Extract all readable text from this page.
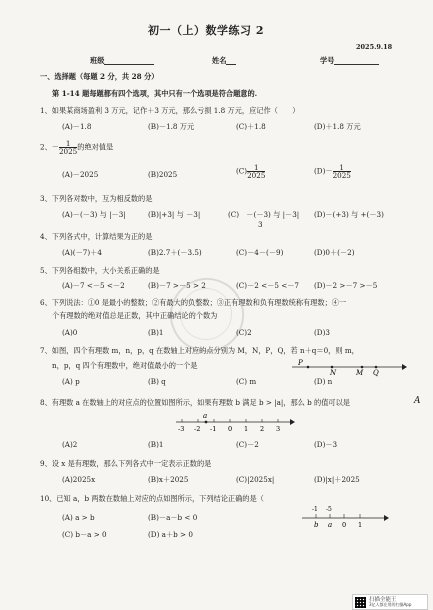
初一（上）数学练习 2
2025.9.18
班级	姓名	学号
一、选择题（每题 2 分，共 28 分）
第 1-14 题每题都有四个选项，其中只有一个选项是符合题意的.
1、如果某商场盈利 3 万元，记作＋3 万元，那么亏损 1.8 万元，应记作（　　）
(A)－1.8	(B)－1.8 万元	(C)＋1.8	(D)＋1.8 万元
2、－ $\frac{1}{2025}$ 的绝对值是
(A)－2025	(B)2025	$(C) \frac{1}{2025}$	$(D)- \frac{1}{2025}$
3、下列各对数中，互为相反数的是
(A)－(－3) 与 |－3|	(B)|+3| 与 －3|	(C)　－(－3) 与 |－3| (D)－(+3) 与 +(－3)
3
4、下列各式中，计算结果为正的是
(A)(－7)＋4	(B)2.7＋(－3.5)	(C)－4－(－9)	(D)0＋(－2)
5、下列各组数中，大小关系正确的是
(A)－7 <－5 <－2	(B)－7 >－5 > 2	(C)－2 <－5 <－7 (D)－2 >－7 >－5
6、下列说法：①0 是最小的整数；②有最大的负整数；③正有理数和负有理数统称有理数；④一
个有理数的绝对值总是正数，其中正确结论的个数为
(A)0	(B)1	(C)2	(D)3
7、如图，四个有理数 m，n，p，q 在数轴上对应的点分别为 M，N，P，Q，若 n＋q＝0，则 m，
n，p，q 四个有理数中，绝对值最小的一个是	P
N	M Q
(A) p	(B) q	(C) m	(D) n
8、有理数 a 在数轴上的对应点的位置如图所示，如果有理数 b 满足 b > |a|，那么 b 的值可以是	A
-3 -2 -1 0 1 2 3
a
(A)2	(B)1	(C)－2	(D)－3
9、设 x 是有理数，那么下列各式中一定表示正数的是
(A)2025x	(B)x＋2025	(C)|2025x|	(D)|x|＋2025
10、已知 a，b 两数在数轴上对应的点如图所示，下列结论正确的是（
(A) a > b	(B)－a－b < 0
(C) b－a > 0	(D) a＋b > 0
-1 -5
b a 0 1
扫描全能王
3亿人都在用的扫描App
